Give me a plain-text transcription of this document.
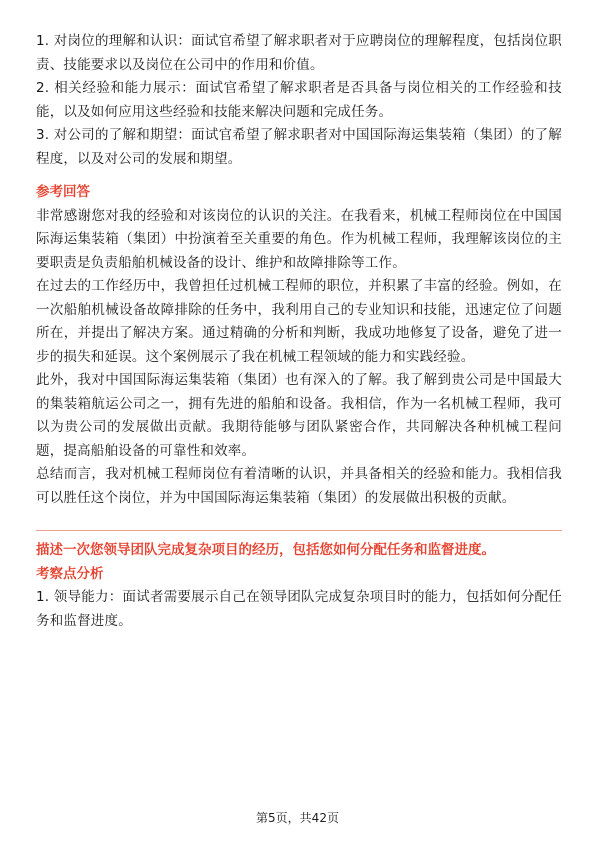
1. 对岗位的理解和认识：面试官希望了解求职者对于应聘岗位的理解程度，包括岗位职责、技能要求以及岗位在公司中的作用和价值。

2. 相关经验和能力展示：面试官希望了解求职者是否具备与岗位相关的工作经验和技能，以及如何应用这些经验和技能来解决问题和完成任务。

3. 对公司的了解和期望：面试官希望了解求职者对中国国际海运集装箱（集团）的了解程度，以及对公司的发展和期望。

参考回答

非常感谢您对我的经验和对该岗位的认识的关注。在我看来，机械工程师岗位在中国国际海运集装箱（集团）中扮演着至关重要的角色。作为机械工程师，我理解该岗位的主要职责是负责船舶机械设备的设计、维护和故障排除等工作。

在过去的工作经历中，我曾担任过机械工程师的职位，并积累了丰富的经验。例如，在一次船舶机械设备故障排除的任务中，我利用自己的专业知识和技能，迅速定位了问题所在，并提出了解决方案。通过精确的分析和判断，我成功地修复了设备，避免了进一步的损失和延误。这个案例展示了我在机械工程领域的能力和实践经验。

此外，我对中国国际海运集装箱（集团）也有深入的了解。我了解到贵公司是中国最大的集装箱航运公司之一，拥有先进的船舶和设备。我相信，作为一名机械工程师，我可以为贵公司的发展做出贡献。我期待能够与团队紧密合作，共同解决各种机械工程问题，提高船舶设备的可靠性和效率。

总结而言，我对机械工程师岗位有着清晰的认识，并具备相关的经验和能力。我相信我可以胜任这个岗位，并为中国国际海运集装箱（集团）的发展做出积极的贡献。

描述一次您领导团队完成复杂项目的经历，包括您如何分配任务和监督进度。

考察点分析

1. 领导能力：面试者需要展示自己在领导团队完成复杂项目时的能力，包括如何分配任务和监督进度。

第5页，共42页
